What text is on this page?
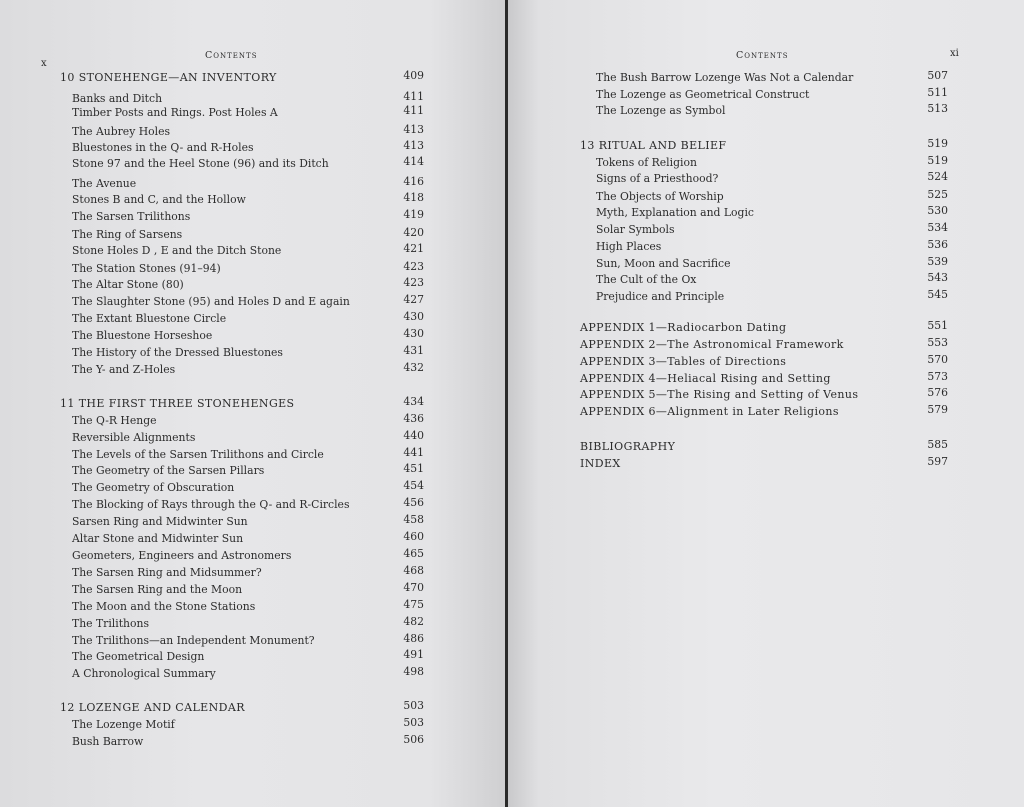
x
Contents
10 STONEHENGE—AN INVENTORY	409
Banks and Ditch	411
Timber Posts and Rings. Post Holes A	411
The Aubrey Holes	413
Bluestones in the Q- and R-Holes	413
Stone 97 and the Heel Stone (96) and its Ditch	414
The Avenue	416
Stones B and C, and the Hollow	418
The Sarsen Trilithons	419
The Ring of Sarsens	420
Stone Holes D , E and the Ditch Stone	421
The Station Stones (91–94)	423
The Altar Stone (80)	423
The Slaughter Stone (95) and Holes D and E again	427
The Extant Bluestone Circle	430
The Bluestone Horseshoe	430
The History of the Dressed Bluestones	431
The Y- and Z-Holes	432
11 THE FIRST THREE STONEHENGES	434
The Q-R Henge	436
Reversible Alignments	440
The Levels of the Sarsen Trilithons and Circle	441
The Geometry of the Sarsen Pillars	451
The Geometry of Obscuration	454
The Blocking of Rays through the Q- and R-Circles	456
Sarsen Ring and Midwinter Sun	458
Altar Stone and Midwinter Sun	460
Geometers, Engineers and Astronomers	465
The Sarsen Ring and Midsummer?	468
The Sarsen Ring and the Moon	470
The Moon and the Stone Stations	475
The Trilithons	482
The Trilithons—an Independent Monument?	486
The Geometrical Design	491
A Chronological Summary	498
12 LOZENGE AND CALENDAR	503
The Lozenge Motif	503
Bush Barrow	506
Contents	xi
The Bush Barrow Lozenge Was Not a Calendar	507
The Lozenge as Geometrical Construct	511
The Lozenge as Symbol	513
13 RITUAL AND BELIEF	519
Tokens of Religion	519
Signs of a Priesthood?	524
The Objects of Worship	525
Myth, Explanation and Logic	530
Solar Symbols	534
High Places	536
Sun, Moon and Sacrifice	539
The Cult of the Ox	543
Prejudice and Principle	545
APPENDIX 1—Radiocarbon Dating	551
APPENDIX 2—The Astronomical Framework	553
APPENDIX 3—Tables of Directions	570
APPENDIX 4—Heliacal Rising and Setting	573
APPENDIX 5—The Rising and Setting of Venus	576
APPENDIX 6—Alignment in Later Religions	579
BIBLIOGRAPHY	585
INDEX	597
